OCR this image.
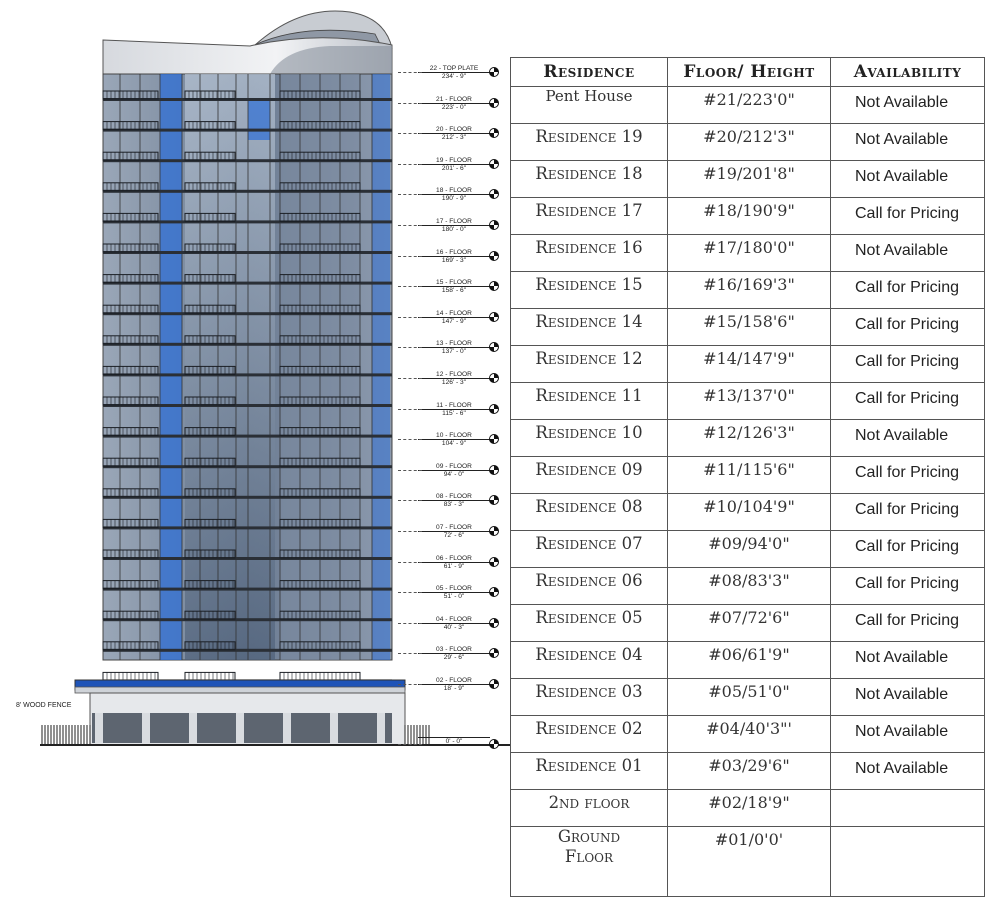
22 - TOP PLATE
234' - 9"
21 - FLOOR
223' - 0"
20 - FLOOR
212' - 3"
19 - FLOOR
201' - 6"
18 - FLOOR
190' - 9"
17 - FLOOR
180' - 0"
16 - FLOOR
169' - 3"
15 - FLOOR
158' - 6"
14 - FLOOR
147' - 9"
13 - FLOOR
137' - 0"
12 - FLOOR
126' - 3"
11 - FLOOR
115' - 6"
10 - FLOOR
104' - 9"
09 - FLOOR
94' - 0"
08 - FLOOR
83' - 3"
07 - FLOOR
72' - 6"
06 - FLOOR
61' - 9"
05 - FLOOR
51' - 0"
04 - FLOOR
40' - 3"
03 - FLOOR
29' - 6"
02 - FLOOR
18' - 9"
0' - 0"
8' WOOD FENCE
Residence	Floor/ Height	Availability
Pent House	#21/223'0"	Not Available
Residence 19	#20/212'3"	Not Available
Residence 18	#19/201'8"	Not Available
Residence 17	#18/190'9"	Call for Pricing
Residence 16	#17/180'0"	Not Available
Residence 15	#16/169'3"	Call for Pricing
Residence 14	#15/158'6"	Call for Pricing
Residence 12	#14/147'9"	Call for Pricing
Residence 11	#13/137'0"	Call for Pricing
Residence 10	#12/126'3"	Not Available
Residence 09	#11/115'6"	Call for Pricing
Residence 08	#10/104'9"	Call for Pricing
Residence 07	#09/94'0"	Call for Pricing
Residence 06	#08/83'3"	Call for Pricing
Residence 05	#07/72'6"	Call for Pricing
Residence 04	#06/61'9"	Not Available
Residence 03	#05/51'0"	Not Available
Residence 02	#04/40'3"'	Not Available
Residence 01	#03/29'6"	Not Available
2nd floor	#02/18'9"	
Ground Floor	#01/0'0'	
